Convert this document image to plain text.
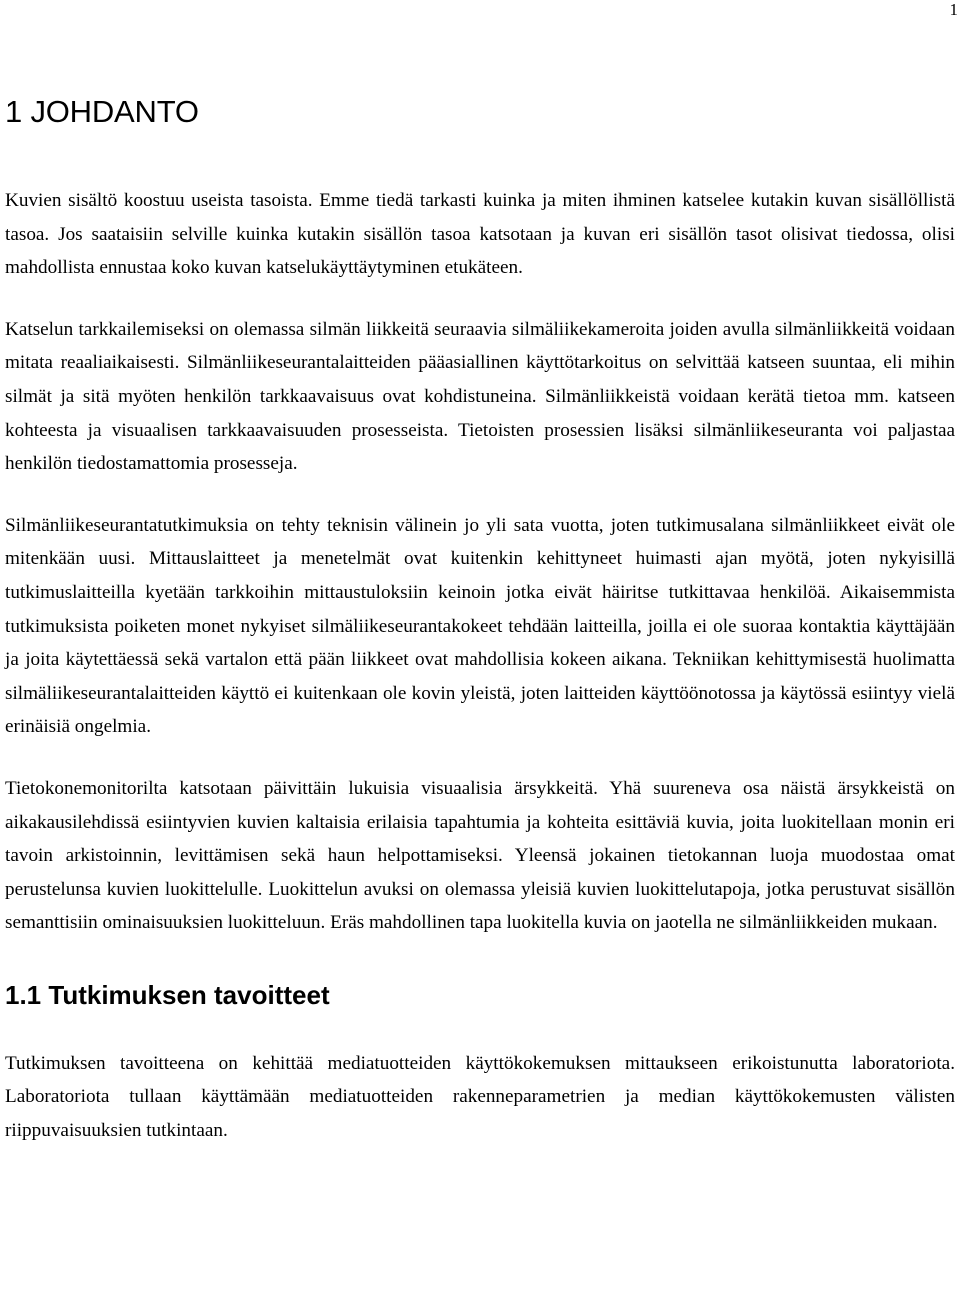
1
1 JOHDANTO

Kuvien sisältö koostuu useista tasoista. Emme tiedä tarkasti kuinka ja miten ihminen katselee kutakin kuvan sisällöllistä tasoa. Jos saataisiin selville kuinka kutakin sisällön tasoa katsotaan ja kuvan eri sisällön tasot olisivat tiedossa, olisi mahdollista ennustaa koko kuvan katselukäyttäytyminen etukäteen.

Katselun tarkkailemiseksi on olemassa silmän liikkeitä seuraavia silmäliikekameroita joiden avulla silmänliikkeitä voidaan mitata reaaliaikaisesti. Silmänliikeseurantalaitteiden pääasiallinen käyttötarkoitus on selvittää katseen suuntaa, eli mihin silmät ja sitä myöten henkilön tarkkaavaisuus ovat kohdistuneina. Silmänliikkeistä voidaan kerätä tietoa mm. katseen kohteesta ja visuaalisen tarkkaavaisuuden prosesseista. Tietoisten prosessien lisäksi silmänliikeseuranta voi paljastaa henkilön tiedostamattomia prosesseja.

Silmänliikeseurantatutkimuksia on tehty teknisin välinein jo yli sata vuotta, joten tutkimusalana silmänliikkeet eivät ole mitenkään uusi. Mittauslaitteet ja menetelmät ovat kuitenkin kehittyneet huimasti ajan myötä, joten nykyisillä tutkimuslaitteilla kyetään tarkkoihin mittaustuloksiin keinoin jotka eivät häiritse tutkittavaa henkilöä. Aikaisemmista tutkimuksista poiketen monet nykyiset silmäliikeseurantakokeet tehdään laitteilla, joilla ei ole suoraa kontaktia käyttäjään ja joita käytettäessä sekä vartalon että pään liikkeet ovat mahdollisia kokeen aikana. Tekniikan kehittymisestä huolimatta silmäliikeseurantalaitteiden käyttö ei kuitenkaan ole kovin yleistä, joten laitteiden käyttöönotossa ja käytössä esiintyy vielä erinäisiä ongelmia.

Tietokonemonitorilta katsotaan päivittäin lukuisia visuaalisia ärsykkeitä. Yhä suureneva osa näistä ärsykkeistä on aikakausilehdissä esiintyvien kuvien kaltaisia erilaisia tapahtumia ja kohteita esittäviä kuvia, joita luokitellaan monin eri tavoin arkistoinnin, levittämisen sekä haun helpottamiseksi. Yleensä jokainen tietokannan luoja muodostaa omat perustelunsa kuvien luokittelulle. Luokittelun avuksi on olemassa yleisiä kuvien luokittelutapoja, jotka perustuvat sisällön semanttisiin ominaisuuksien luokitteluun. Eräs mahdollinen tapa luokitella kuvia on jaotella ne silmänliikkeiden mukaan.

1.1 Tutkimuksen tavoitteet

Tutkimuksen tavoitteena on kehittää mediatuotteiden käyttökokemuksen mittaukseen erikoistunutta laboratoriota. Laboratoriota tullaan käyttämään mediatuotteiden rakenneparametrien ja median käyttökokemusten välisten riippuvaisuuksien tutkintaan.
